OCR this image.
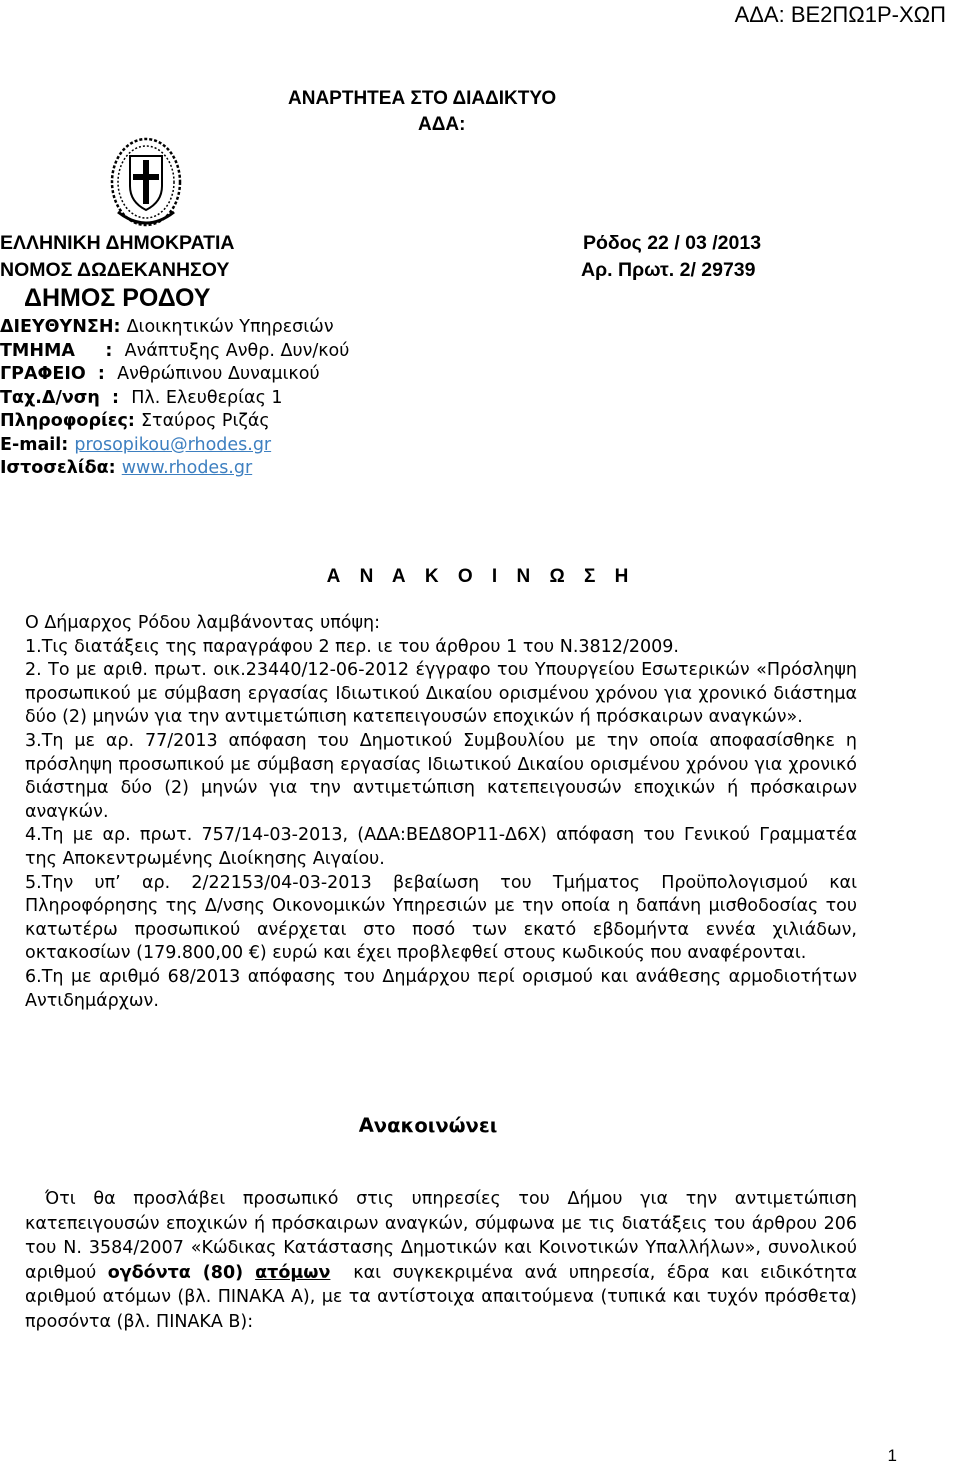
ΑΔΑ: ΒΕ2ΠΩ1Ρ-ΧΩΠ
ΑΝΑΡΤΗΤΕΑ ΣΤΟ ΔΙΑΔΙΚΤΥΟ
ΑΔΑ:
ΕΛΛΗΝΙΚΗ ΔΗΜΟΚΡΑΤΙΑ
ΝΟΜΟΣ ΔΩΔΕΚΑΝΗΣΟΥ
ΔΗΜΟΣ ΡΟΔΟΥ
Ρόδος 22 / 03 /2013
Αρ. Πρωτ. 2/ 29739
ΔΙΕΥΘΥΝΣΗ: Διοικητικών Υπηρεσιών
ΤΜΗΜΑ     :  Ανάπτυξης Ανθρ. Δυν/κού
ΓΡΑΦΕΙΟ  :  Ανθρώπινου Δυναμικού
Ταχ.Δ/νση  :  Πλ. Ελευθερίας 1
Πληροφορίες: Σταύρος Ριζάς
E-mail: prosopikou@rhodes.gr
Ιστοσελίδα: www.rhodes.gr
Α Ν Α Κ Ο Ι Ν Ω Σ Η
Ο Δήμαρχος Ρόδου λαμβάνοντας υπόψη:
1.Τις διατάξεις της παραγράφου 2 περ. ιε του άρθρου 1 του Ν.3812/2009.
2. Το με αριθ. πρωτ. οικ.23440/12-06-2012 έγγραφο του Υπουργείου Εσωτερικών «Πρόσληψη προσωπικού με σύμβαση εργασίας Ιδιωτικού Δικαίου ορισμένου χρόνου για χρονικό διάστημα δύο (2) μηνών για την αντιμετώπιση κατεπειγουσών εποχικών ή πρόσκαιρων αναγκών».
3.Τη με αρ. 77/2013 απόφαση του Δημοτικού Συμβουλίου με την οποία αποφασίσθηκε η πρόσληψη προσωπικού με σύμβαση εργασίας Ιδιωτικού Δικαίου ορισμένου χρόνου για χρονικό διάστημα δύο (2) μηνών για την αντιμετώπιση κατεπειγουσών εποχικών ή πρόσκαιρων αναγκών.
4.Τη με αρ. πρωτ. 757/14-03-2013, (ΑΔΑ:ΒΕΔ8ΟΡ11-Δ6Χ) απόφαση του Γενικού Γραμματέα της Αποκεντρωμένης Διοίκησης Αιγαίου.
5.Την υπ’ αρ. 2/22153/04-03-2013 βεβαίωση του Τμήματος Προϋπολογισμού και Πληροφόρησης της Δ/νσης Οικονομικών Υπηρεσιών με την οποία η δαπάνη μισθοδοσίας του κατωτέρω προσωπικού ανέρχεται στο ποσό των εκατό εβδομήντα εννέα χιλιάδων, οκτακοσίων (179.800,00 €) ευρώ και έχει προβλεφθεί στους κωδικούς που αναφέρονται.
6.Τη με αριθμό 68/2013 απόφασης του Δημάρχου περί ορισμού και ανάθεσης αρμοδιοτήτων Αντιδημάρχων.
Ανακοινώνει
Ότι θα προσλάβει προσωπικό στις υπηρεσίες του Δήμου για την αντιμετώπιση κατεπειγουσών εποχικών ή πρόσκαιρων αναγκών, σύμφωνα με τις διατάξεις του άρθρου 206 του Ν. 3584/2007 «Κώδικας Κατάστασης Δημοτικών και Κοινοτικών Υπαλλήλων», συνολικού αριθμού ογδόντα (80) ατόμων  και συγκεκριμένα ανά υπηρεσία, έδρα και ειδικότητα  αριθμού ατόμων (βλ. ΠΙΝΑΚΑ Α), με τα αντίστοιχα απαιτούμενα (τυπικά και τυχόν πρόσθετα) προσόντα (βλ. ΠΙΝΑΚΑ Β):
1
